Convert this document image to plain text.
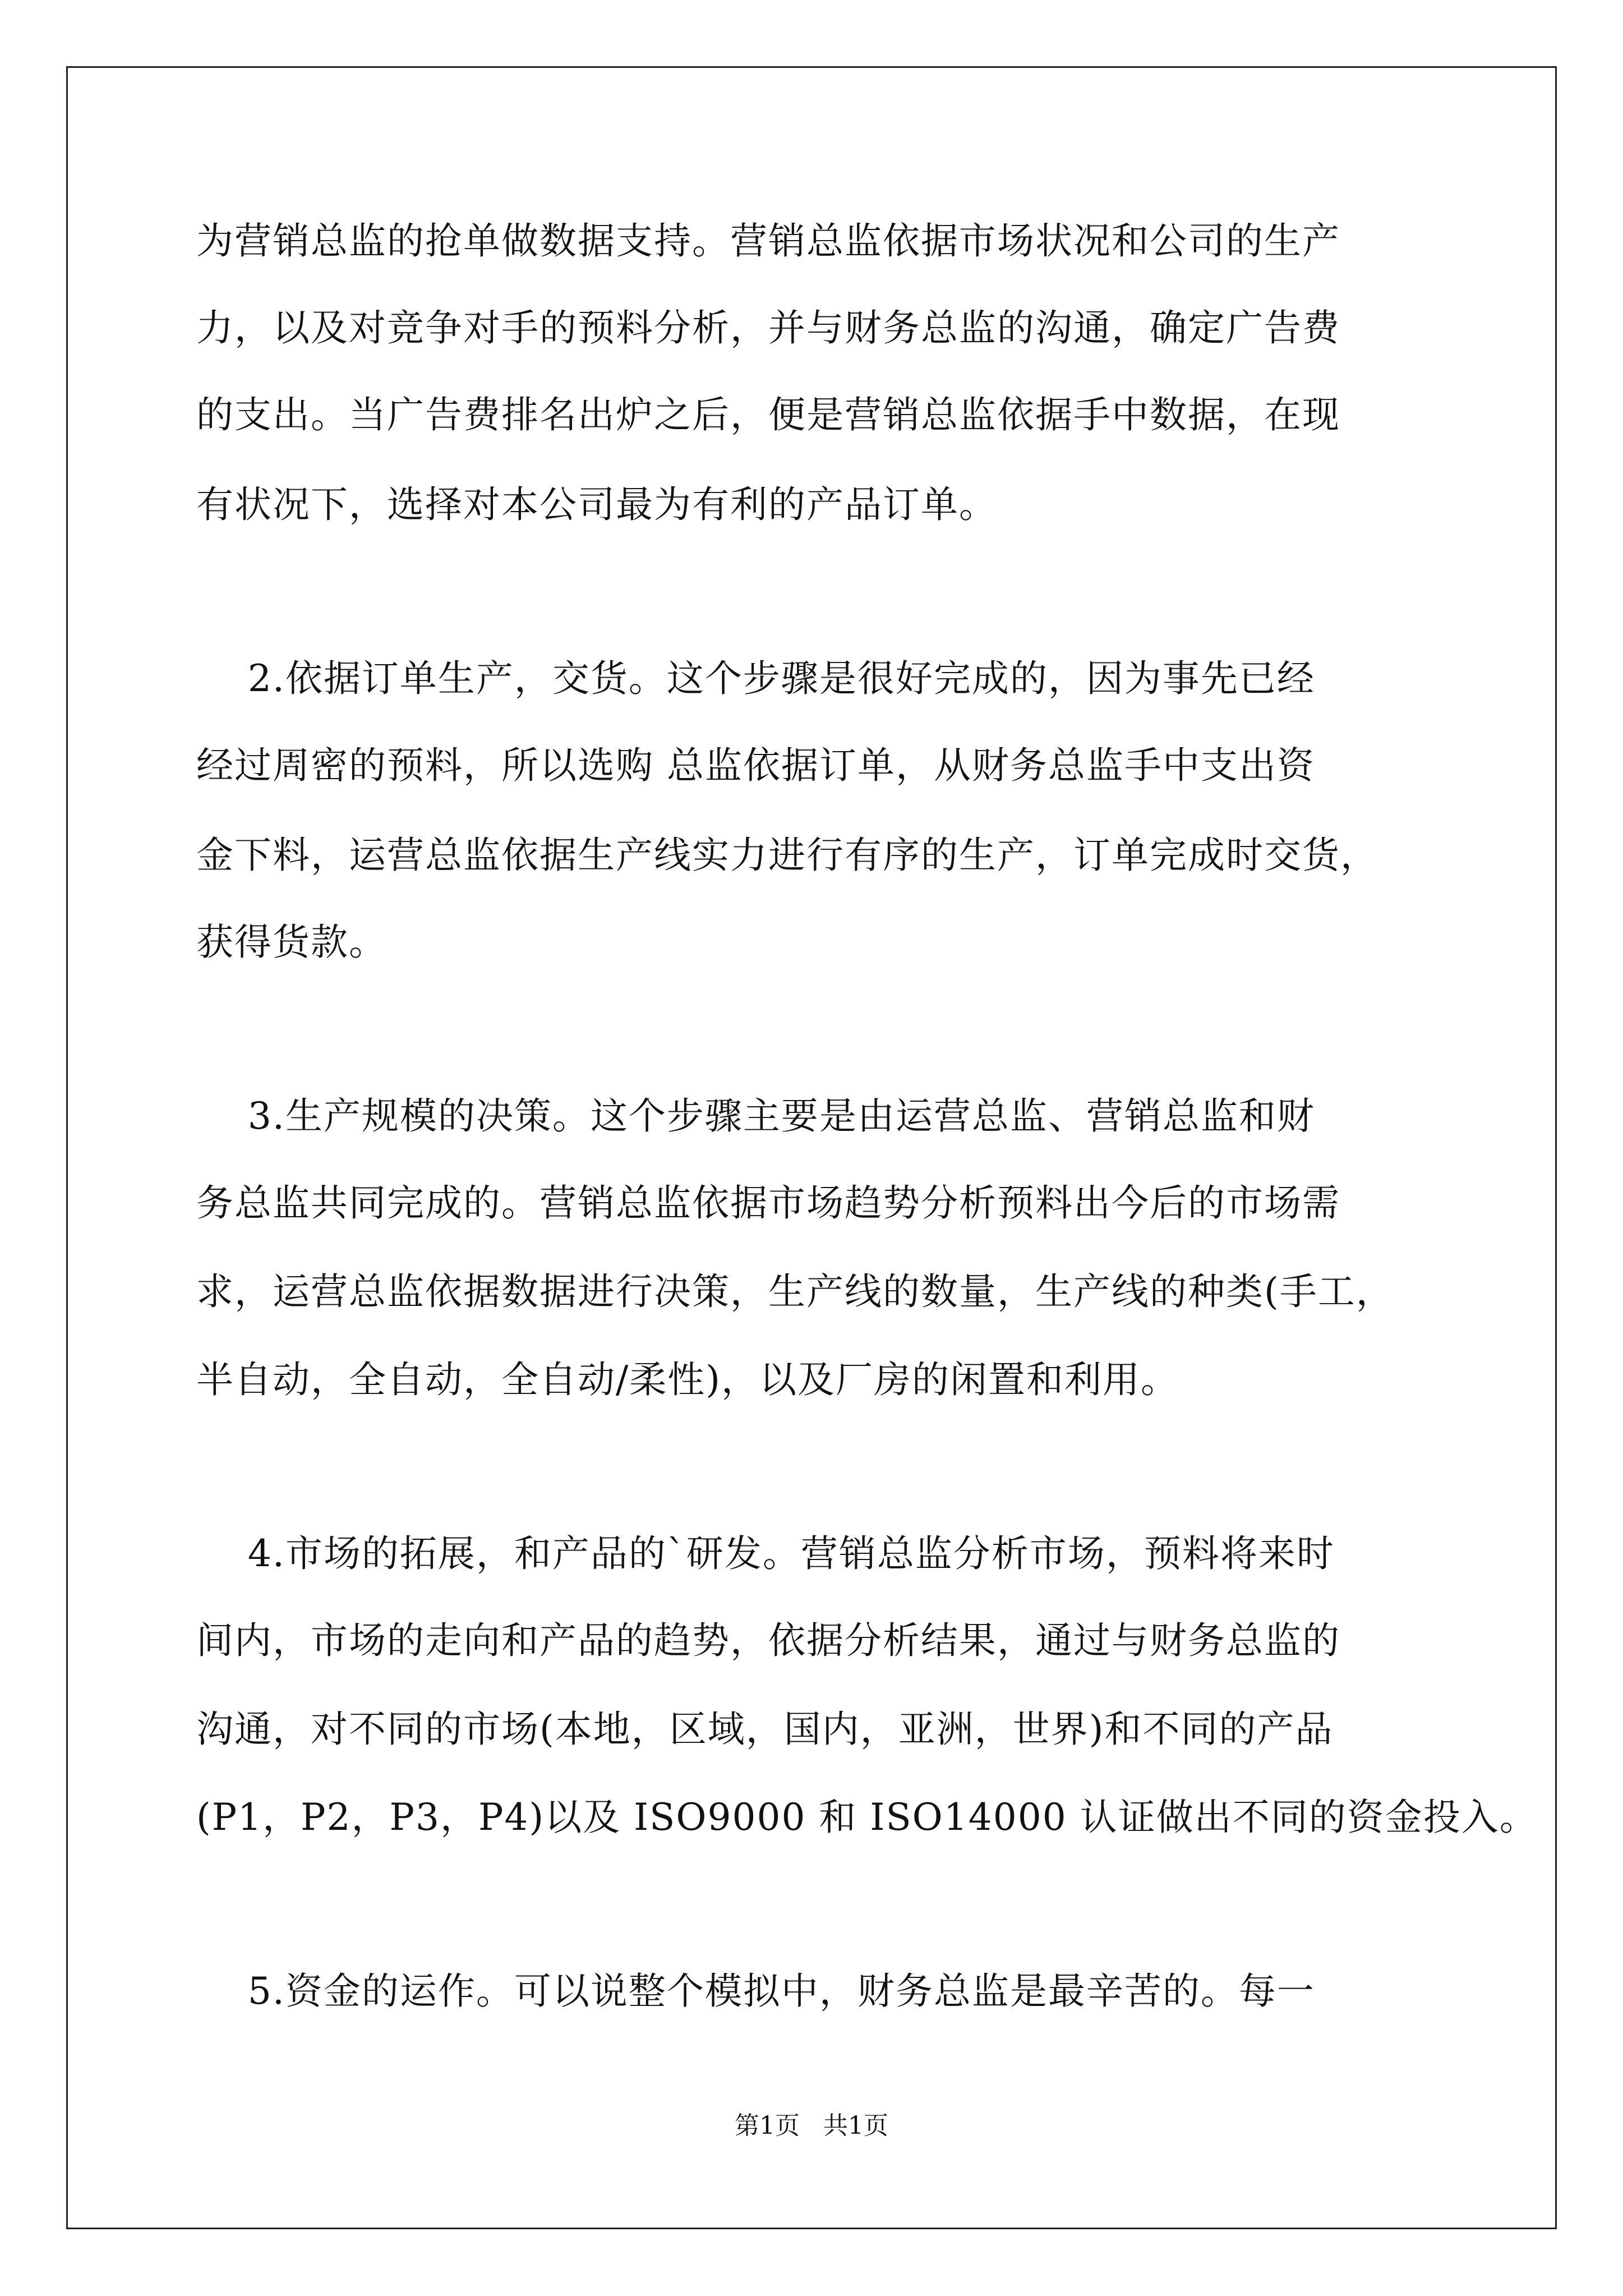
为营销总监的抢单做数据支持。营销总监依据市场状况和公司的生产
力，以及对竞争对手的预料分析，并与财务总监的沟通，确定广告费
的支出。当广告费排名出炉之后，便是营销总监依据手中数据，在现
有状况下，选择对本公司最为有利的产品订单。
2.依据订单生产，交货。这个步骤是很好完成的，因为事先已经
经过周密的预料，所以选购 总监依据订单，从财务总监手中支出资
金下料，运营总监依据生产线实力进行有序的生产，订单完成时交货，
获得货款。
3.生产规模的决策。这个步骤主要是由运营总监、营销总监和财
务总监共同完成的。营销总监依据市场趋势分析预料出今后的市场需
求，运营总监依据数据进行决策，生产线的数量，生产线的种类(手工，
半自动，全自动，全自动/柔性)，以及厂房的闲置和利用。
4.市场的拓展，和产品的`研发。营销总监分析市场，预料将来时
间内，市场的走向和产品的趋势，依据分析结果，通过与财务总监的
沟通，对不同的市场(本地，区域，国内，亚洲，世界)和不同的产品
(P1，P2，P3，P4)以及 ISO9000 和 ISO14000 认证做出不同的资金投入。
5.资金的运作。可以说整个模拟中，财务总监是最辛苦的。每一
第1页   共1页
